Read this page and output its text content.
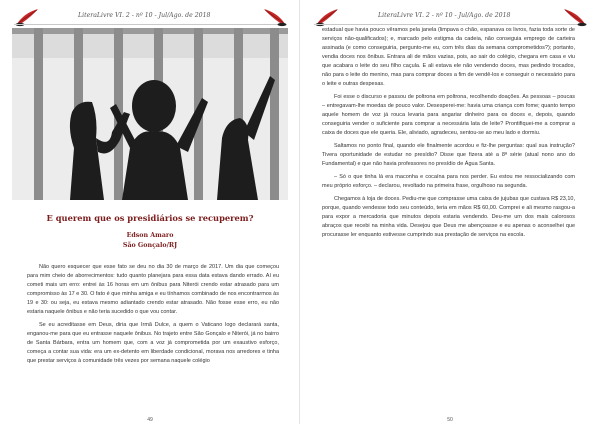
LiteraLivre VI. 2 - nº 10 - Jul/Ago. de 2018
E querem que os presidiários se recuperem?
Edson Amaro
São Gonçalo/RJ

Não quero esquecer que esse fato se deu no dia 30 de março de 2017. Um dia que começou para mim cheio de aborrecimentos: tudo quanto planejara para essa data estava dando errado. Aí eu cometi mais um erro: entrei às 16 horas em um ônibus para Niterói crendo estar atrasado para um compromisso às 17 e 30. O fato é que minha amiga e eu tínhamos combinado de nos encontrarmos às 19 e 30: ou seja, eu estava mesmo adiantado crendo estar atrasado. Não fosse esse erro, eu não estaria naquele ônibus e não teria sucedido o que vou contar.

Se eu acreditasse em Deus, diria que Irmã Dulce, a quem o Vaticano logo declarará santa, enganou-me para que eu entrasse naquele ônibus. No trajeto entre São Gonçalo e Niterói, já no bairro de Santa Bárbara, entra um homem que, com a voz já comprometida por um exaustivo esforço, começa a contar sua vida: era um ex-detento em liberdade condicional, morava nos arredores e tinha que prestar serviços à comunidade três vezes por semana naquele colégio

49
LiteraLivre VI. 2 - nº 10 - Jul/Ago. de 2018
50

estadual que havia pouco vêramos pela janela (limpava o chão, espanava os livros, fazia toda sorte de serviços não-qualificados); e, marcado pelo estigma da cadeia, não conseguia emprego de carteira assinada (e como conseguiria, pergunto-me eu, com três dias da semana comprometidos?); portanto, vendia doces nos ônibus. Entrara ali de mãos vazias, pois, ao sair do colégio, chegara em casa e viu que acabara o leite do seu filho caçula. E ali estava ele não vendendo doces, mas pedindo trocados, não para o leite do menino, mas para comprar doces a fim de vendê-los e conseguir o necessário para o leite e outras despesas.

Foi esse o discurso e passou de poltrona em poltrona, recolhendo doações. As pessoas – poucas – entregavam-lhe moedas de pouco valor. Desesperei-me: havia uma criança com fome; quanto tempo aquele homem de voz já rouca levaria para angariar dinheiro para os doces e, depois, quando conseguiria vender o suficiente para comprar a necessária lata de leite? Prontifiquei-me a comprar a caixa de doces que ele queria. Ele, aliviado, agradeceu, sentou-se ao meu lado e dormiu.

Saltamos no ponto final, quando ele finalmente acordou e fiz-lhe perguntas: qual sua instrução? Tivera oportunidade de estudar no presídio? Disse que fizera até a 8ª série (atual nono ano do Fundamental) e que não havia professores no presídio de Água Santa.

– Só o que tinha lá era maconha e cocaína para nos perder. Eu estou me ressocializando com meu próprio esforço. – declarou, revoltado na primeira frase, orgulhoso na segunda.

Chegamos à loja de doces. Pediu-me que comprasse uma caixa de jujubas que custava R$ 23,10, porque, quando vendesse todo seu conteúdo, teria em mãos R$ 60,00. Comprei e ali mesmo rasgou-a para expor a mercadoria que minutos depois estaria vendendo. Deu-me um dos mais calorosos abraços que recebi na minha vida. Desejou que Deus me abençoasse e eu apenas o aconselhei que procurasse ler enquanto estivesse cumprindo sua prestação de serviços na escola.
